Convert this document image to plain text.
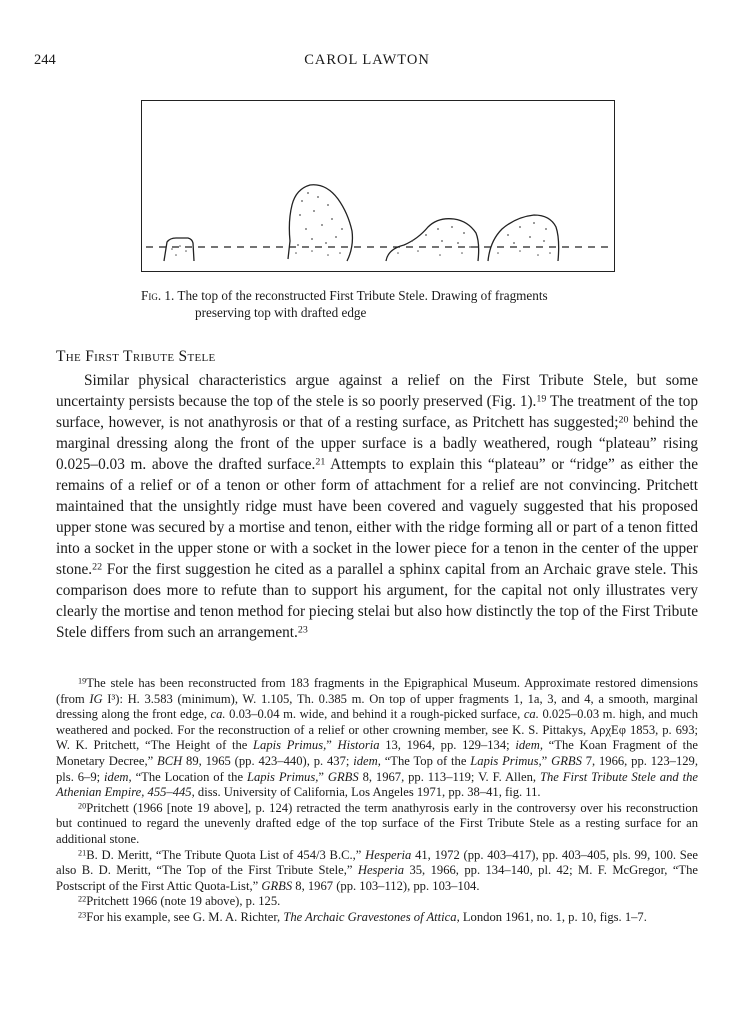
244	CAROL LAWTON
Fig. 1. The top of the reconstructed First Tribute Stele. Drawing of fragments
preserving top with drafted edge
The First Tribute Stele
Similar physical characteristics argue against a relief on the First Tribute Stele, but some uncertainty persists because the top of the stele is so poorly preserved (Fig. 1).$^{19}$ The treatment of the top surface, however, is not anathyrosis or that of a resting surface, as Pritchett has suggested;$^{20}$ behind the marginal dressing along the front of the upper surface is a badly weathered, rough “plateau” rising 0.025–0.03 m. above the drafted surface.$^{21}$ Attempts to explain this “plateau” or “ridge” as either the remains of a relief or of a tenon or other form of attachment for a relief are not convincing. Pritchett maintained that the unsightly ridge must have been covered and vaguely suggested that his proposed upper stone was secured by a mortise and tenon, either with the ridge forming all or part of a tenon fitted into a socket in the upper stone or with a socket in the lower piece for a tenon in the center of the upper stone.$^{22}$ For the first suggestion he cited as a parallel a sphinx capital from an Archaic grave stele. This comparison does more to refute than to support his argument, for the capital not only illustrates very clearly the mortise and tenon method for piecing stelai but also how distinctly the top of the First Tribute Stele differs from such an arrangement.$^{23}$

$^{19}$The stele has been reconstructed from 183 fragments in the Epigraphical Museum. Approximate restored dimensions (from IG I³): H. 3.583 (minimum), W. 1.105, Th. 0.385 m. On top of upper fragments 1, 1a, 3, and 4, a smooth, marginal dressing along the front edge, ca. 0.03–0.04 m. wide, and behind it a rough-picked surface, ca. 0.025–0.03 m. high, and much weathered and pocked. For the reconstruction of a relief or other crowning member, see K. S. Pittakys, ΑρχΕφ 1853, p. 693; W. K. Pritchett, “The Height of the Lapis Primus,” Historia 13, 1964, pp. 129–134; idem, “The Koan Fragment of the Monetary Decree,” BCH 89, 1965 (pp. 423–440), p. 437; idem, “The Top of the Lapis Primus,” GRBS 7, 1966, pp. 123–129, pls. 6–9; idem, “The Location of the Lapis Primus,” GRBS 8, 1967, pp. 113–119; V. F. Allen, The First Tribute Stele and the Athenian Empire, 455–445, diss. University of California, Los Angeles 1971, pp. 38–41, fig. 11.

$^{20}$Pritchett (1966 [note 19 above], p. 124) retracted the term anathyrosis early in the controversy over his reconstruction but continued to regard the unevenly drafted edge of the top surface of the First Tribute Stele as a resting surface for an additional stone.

$^{21}$B. D. Meritt, “The Tribute Quota List of 454/3 B.C.,” Hesperia 41, 1972 (pp. 403–417), pp. 403–405, pls. 99, 100. See also B. D. Meritt, “The Top of the First Tribute Stele,” Hesperia 35, 1966, pp. 134–140, pl. 42; M. F. McGregor, “The Postscript of the First Attic Quota-List,” GRBS 8, 1967 (pp. 103–112), pp. 103–104.

$^{22}$Pritchett 1966 (note 19 above), p. 125.

$^{23}$For his example, see G. M. A. Richter, The Archaic Gravestones of Attica, London 1961, no. 1, p. 10, figs. 1–7.
